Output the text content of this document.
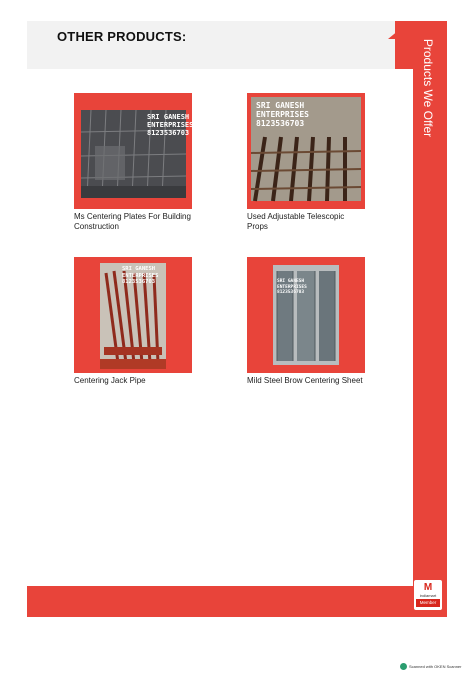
OTHER PRODUCTS:
Products We Offer
SRI GANESH
ENTERPRISES
8123536703
Ms Centering Plates For Building Construction
SRI GANESH
ENTERPRISES
8123536703
Used Adjustable Telescopic Props
SRI GANESH
ENTERPRISES
8123536703
Centering Jack Pipe
SRI GANESH
ENTERPRISES
8123536703
Mild Steel Brow Centering Sheet
M
indiamart
Member
Scanned with OKEN Scanner
